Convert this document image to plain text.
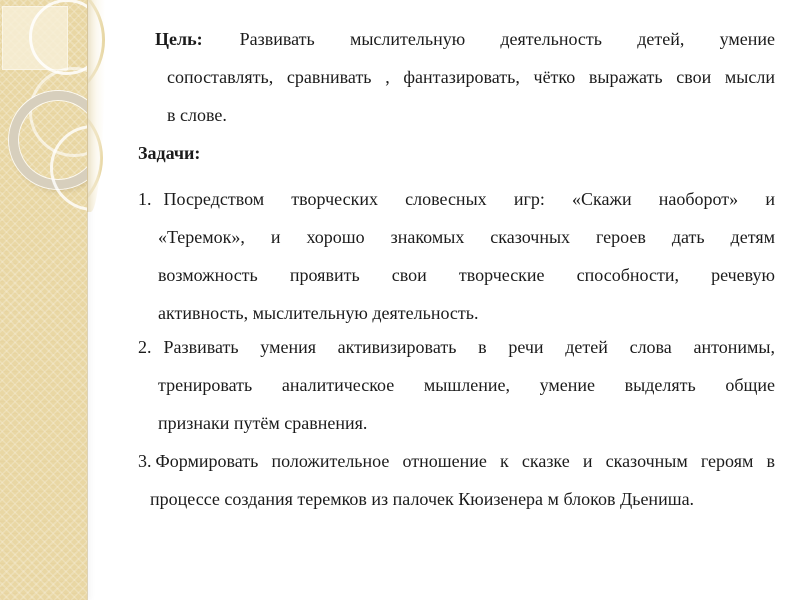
Цель: Развивать мыслительную деятельность детей, умение

сопоставлять, сравнивать , фантазировать, чётко выражать свои мысли

в слове.

Задачи:

1. Посредством творческих словесных игр: «Скажи наоборот» и

«Теремок», и хорошо знакомых сказочных героев дать детям

возможность проявить свои творческие способности, речевую

активность, мыслительную деятельность.

2. Развивать умения активизировать в речи детей слова антонимы,

тренировать аналитическое мышление, умение выделять общие

признаки путём сравнения.

3. Формировать положительное отношение к сказке и сказочным героям в

процессе создания теремков из палочек Кюизенера м блоков Дьениша.
